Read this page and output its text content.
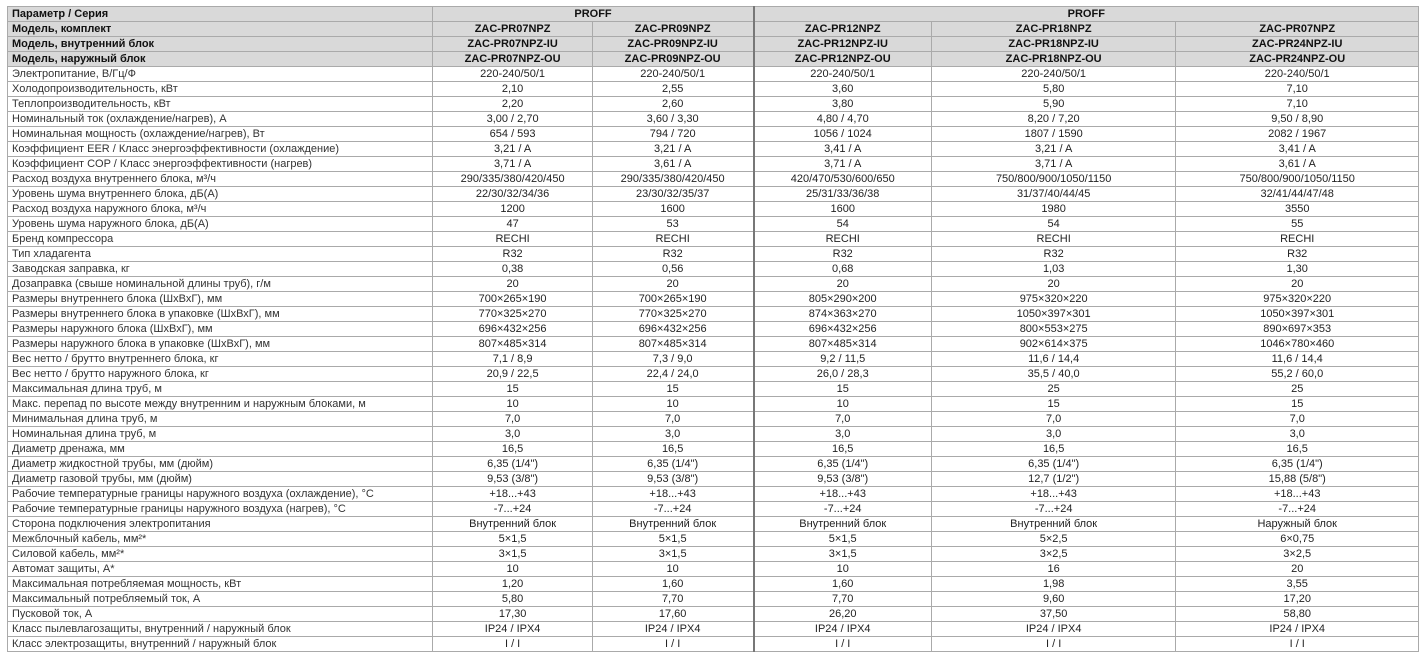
Параметр / Серия	PROFF		PROFF		
Модель, комплект	ZAC-PR07NPZ	ZAC-PR09NPZ	ZAC-PR12NPZ	ZAC-PR18NPZ	ZAC-PR07NPZ
Модель, внутренний блок	ZAC-PR07NPZ-IU	ZAC-PR09NPZ-IU	ZAC-PR12NPZ-IU	ZAC-PR18NPZ-IU	ZAC-PR24NPZ-IU
Модель, наружный блок	ZAC-PR07NPZ-OU	ZAC-PR09NPZ-OU	ZAC-PR12NPZ-OU	ZAC-PR18NPZ-OU	ZAC-PR24NPZ-OU
Электропитание, В/Гц/Ф	220-240/50/1	220-240/50/1	220-240/50/1	220-240/50/1	220-240/50/1
Холодопроизводительность, кВт	2,10	2,55	3,60	5,80	7,10
Теплопроизводительность, кВт	2,20	2,60	3,80	5,90	7,10
Номинальный ток (охлаждение/нагрев), А	3,00 / 2,70	3,60 / 3,30	4,80 / 4,70	8,20 / 7,20	9,50 / 8,90
Номинальная мощность (охлаждение/нагрев), Вт	654 / 593	794 / 720	1056 / 1024	1807 / 1590	2082 / 1967
Коэффициент EER / Класс энергоэффективности (охлаждение)	3,21 / A	3,21 / A	3,41 / A	3,21 / A	3,41 / A
Коэффициент COP / Класс энергоэффективности (нагрев)	3,71 / A	3,61 / A	3,71 / A	3,71 / A	3,61 / A
Расход воздуха внутреннего блока, м³/ч	290/335/380/420/450	290/335/380/420/450	420/470/530/600/650	750/800/900/1050/1150	750/800/900/1050/1150
Уровень шума внутреннего блока, дБ(А)	22/30/32/34/36	23/30/32/35/37	25/31/33/36/38	31/37/40/44/45	32/41/44/47/48
Расход воздуха наружного блока, м³/ч	1200	1600	1600	1980	3550
Уровень шума наружного блока, дБ(А)	47	53	54	54	55
Бренд компрессора	RECHI	RECHI	RECHI	RECHI	RECHI
Тип хладагента	R32	R32	R32	R32	R32
Заводская заправка, кг	0,38	0,56	0,68	1,03	1,30
Дозаправка (свыше номинальной длины труб), г/м	20	20	20	20	20
Размеры внутреннего блока (ШхВхГ), мм	700×265×190	700×265×190	805×290×200	975×320×220	975×320×220
Размеры внутреннего блока в упаковке (ШхВхГ), мм	770×325×270	770×325×270	874×363×270	1050×397×301	1050×397×301
Размеры наружного блока (ШхВхГ), мм	696×432×256	696×432×256	696×432×256	800×553×275	890×697×353
Размеры наружного блока в упаковке (ШхВхГ), мм	807×485×314	807×485×314	807×485×314	902×614×375	1046×780×460
Вес нетто / брутто внутреннего блока, кг	7,1 / 8,9	7,3 / 9,0	9,2 / 11,5	11,6 / 14,4	11,6 / 14,4
Вес нетто / брутто наружного блока, кг	20,9 / 22,5	22,4 / 24,0	26,0 / 28,3	35,5 / 40,0	55,2 / 60,0
Максимальная длина труб, м	15	15	15	25	25
Макс. перепад по высоте между внутренним и наружным блоками, м	10	10	10	15	15
Минимальная длина труб, м	7,0	7,0	7,0	7,0	7,0
Номинальная длина труб, м	3,0	3,0	3,0	3,0	3,0
Диаметр дренажа, мм	16,5	16,5	16,5	16,5	16,5
Диаметр жидкостной трубы, мм (дюйм)	6,35 (1/4")	6,35 (1/4")	6,35 (1/4")	6,35 (1/4")	6,35 (1/4")
Диаметр газовой трубы, мм (дюйм)	9,53 (3/8")	9,53 (3/8")	9,53 (3/8")	12,7 (1/2")	15,88 (5/8")
Рабочие температурные границы наружного воздуха (охлаждение), °C	+18...+43	+18...+43	+18...+43	+18...+43	+18...+43
Рабочие температурные границы наружного воздуха (нагрев), °C	-7...+24	-7...+24	-7...+24	-7...+24	-7...+24
Сторона подключения электропитания	Внутренний блок	Внутренний блок	Внутренний блок	Внутренний блок	Наружный блок
Межблочный кабель, мм²*	5×1,5	5×1,5	5×1,5	5×2,5	6×0,75
Силовой кабель, мм²*	3×1,5	3×1,5	3×1,5	3×2,5	3×2,5
Автомат защиты, А*	10	10	10	16	20
Максимальная потребляемая мощность, кВт	1,20	1,60	1,60	1,98	3,55
Максимальный потребляемый ток, А	5,80	7,70	7,70	9,60	17,20
Пусковой ток, А	17,30	17,60	26,20	37,50	58,80
Класс пылевлагозащиты, внутренний / наружный блок	IP24 / IPX4	IP24 / IPX4	IP24 / IPX4	IP24 / IPX4	IP24 / IPX4
Класс электрозащиты, внутренний / наружный блок	I / I	I / I	I / I	I / I	I / I
